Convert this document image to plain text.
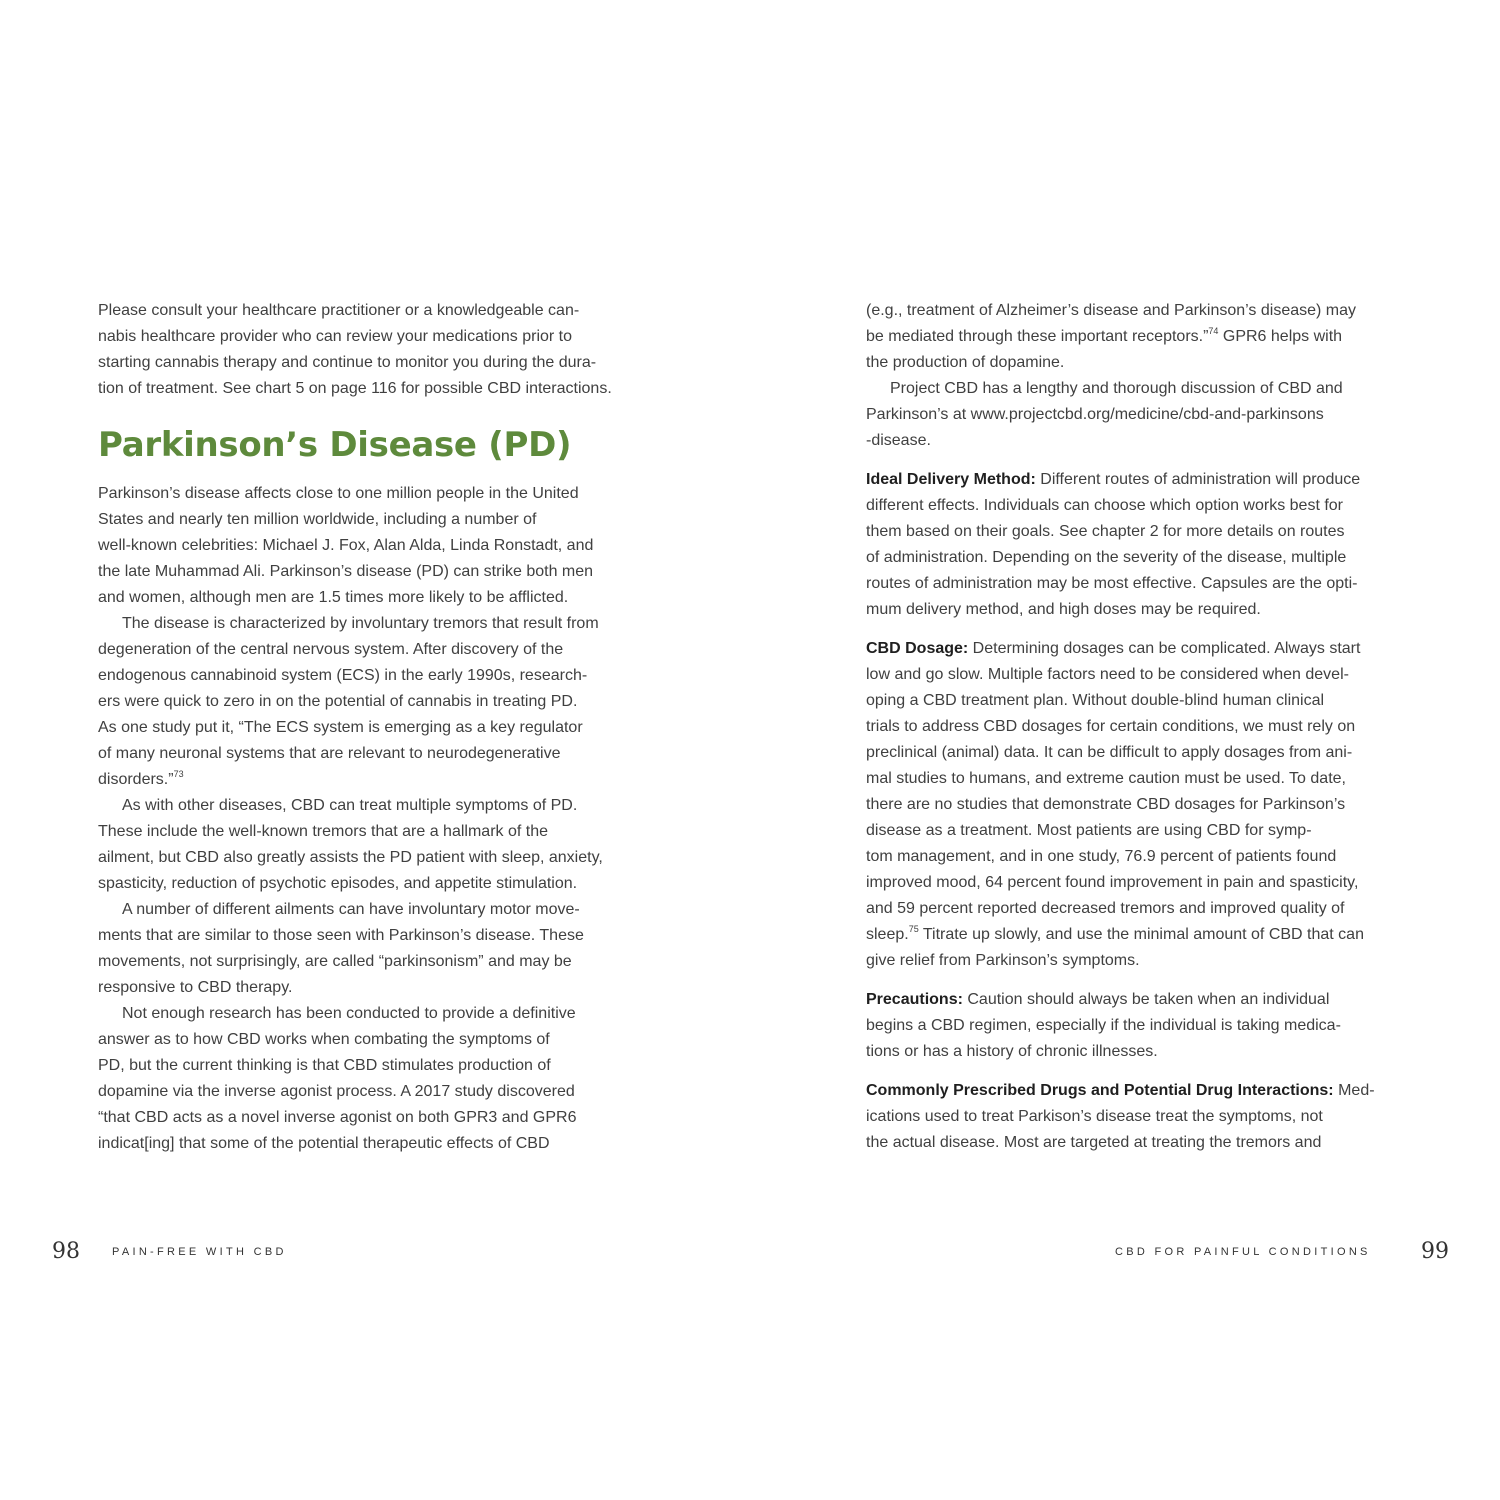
Please consult your healthcare practitioner or a knowledgeable can-
nabis healthcare provider who can review your medications prior to
starting cannabis therapy and continue to monitor you during the dura-
tion of treatment. See chart 5 on page 116 for possible CBD interactions.
Parkinson’s Disease (PD)
Parkinson’s disease affects close to one million people in the United
States and nearly ten million worldwide, including a number of
well-known celebrities: Michael J. Fox, Alan Alda, Linda Ronstadt, and
the late Muhammad Ali. Parkinson’s disease (PD) can strike both men
and women, although men are 1.5 times more likely to be afflicted.
The disease is characterized by involuntary tremors that result from
degeneration of the central nervous system. After discovery of the
endogenous cannabinoid system (ECS) in the early 1990s, research-
ers were quick to zero in on the potential of cannabis in treating PD.
As one study put it, “The ECS system is emerging as a key regulator
of many neuronal systems that are relevant to neurodegenerative
disorders.”$^{73}$
As with other diseases, CBD can treat multiple symptoms of PD.
These include the well-known tremors that are a hallmark of the
ailment, but CBD also greatly assists the PD patient with sleep, anxiety,
spasticity, reduction of psychotic episodes, and appetite stimulation.
A number of different ailments can have involuntary motor move-
ments that are similar to those seen with Parkinson’s disease. These
movements, not surprisingly, are called “parkinsonism” and may be
responsive to CBD therapy.
Not enough research has been conducted to provide a definitive
answer as to how CBD works when combating the symptoms of
PD, but the current thinking is that CBD stimulates production of
dopamine via the inverse agonist process. A 2017 study discovered
“that CBD acts as a novel inverse agonist on both GPR3 and GPR6
indicat[ing] that some of the potential therapeutic effects of CBD
98	PAIN-FREE WITH CBD
(e.g., treatment of Alzheimer’s disease and Parkinson’s disease) may
be mediated through these important receptors.”$^{74}$ GPR6 helps with
the production of dopamine.
Project CBD has a lengthy and thorough discussion of CBD and
Parkinson’s at www.projectcbd.org/medicine/cbd-and-parkinsons
-disease.
Ideal Delivery Method: Different routes of administration will produce
different effects. Individuals can choose which option works best for
them based on their goals. See chapter 2 for more details on routes
of administration. Depending on the severity of the disease, multiple
routes of administration may be most effective. Capsules are the opti-
mum delivery method, and high doses may be required.
CBD Dosage: Determining dosages can be complicated. Always start
low and go slow. Multiple factors need to be considered when devel-
oping a CBD treatment plan. Without double-blind human clinical
trials to address CBD dosages for certain conditions, we must rely on
preclinical (animal) data. It can be difficult to apply dosages from ani-
mal studies to humans, and extreme caution must be used. To date,
there are no studies that demonstrate CBD dosages for Parkinson’s
disease as a treatment. Most patients are using CBD for symp-
tom management, and in one study, 76.9 percent of patients found
improved mood, 64 percent found improvement in pain and spasticity,
and 59 percent reported decreased tremors and improved quality of
sleep.$^{75}$ Titrate up slowly, and use the minimal amount of CBD that can
give relief from Parkinson’s symptoms.
Precautions: Caution should always be taken when an individual
begins a CBD regimen, especially if the individual is taking medica-
tions or has a history of chronic illnesses.
Commonly Prescribed Drugs and Potential Drug Interactions: Med-
ications used to treat Parkison’s disease treat the symptoms, not
the actual disease. Most are targeted at treating the tremors and
CBD FOR PAINFUL CONDITIONS 99
